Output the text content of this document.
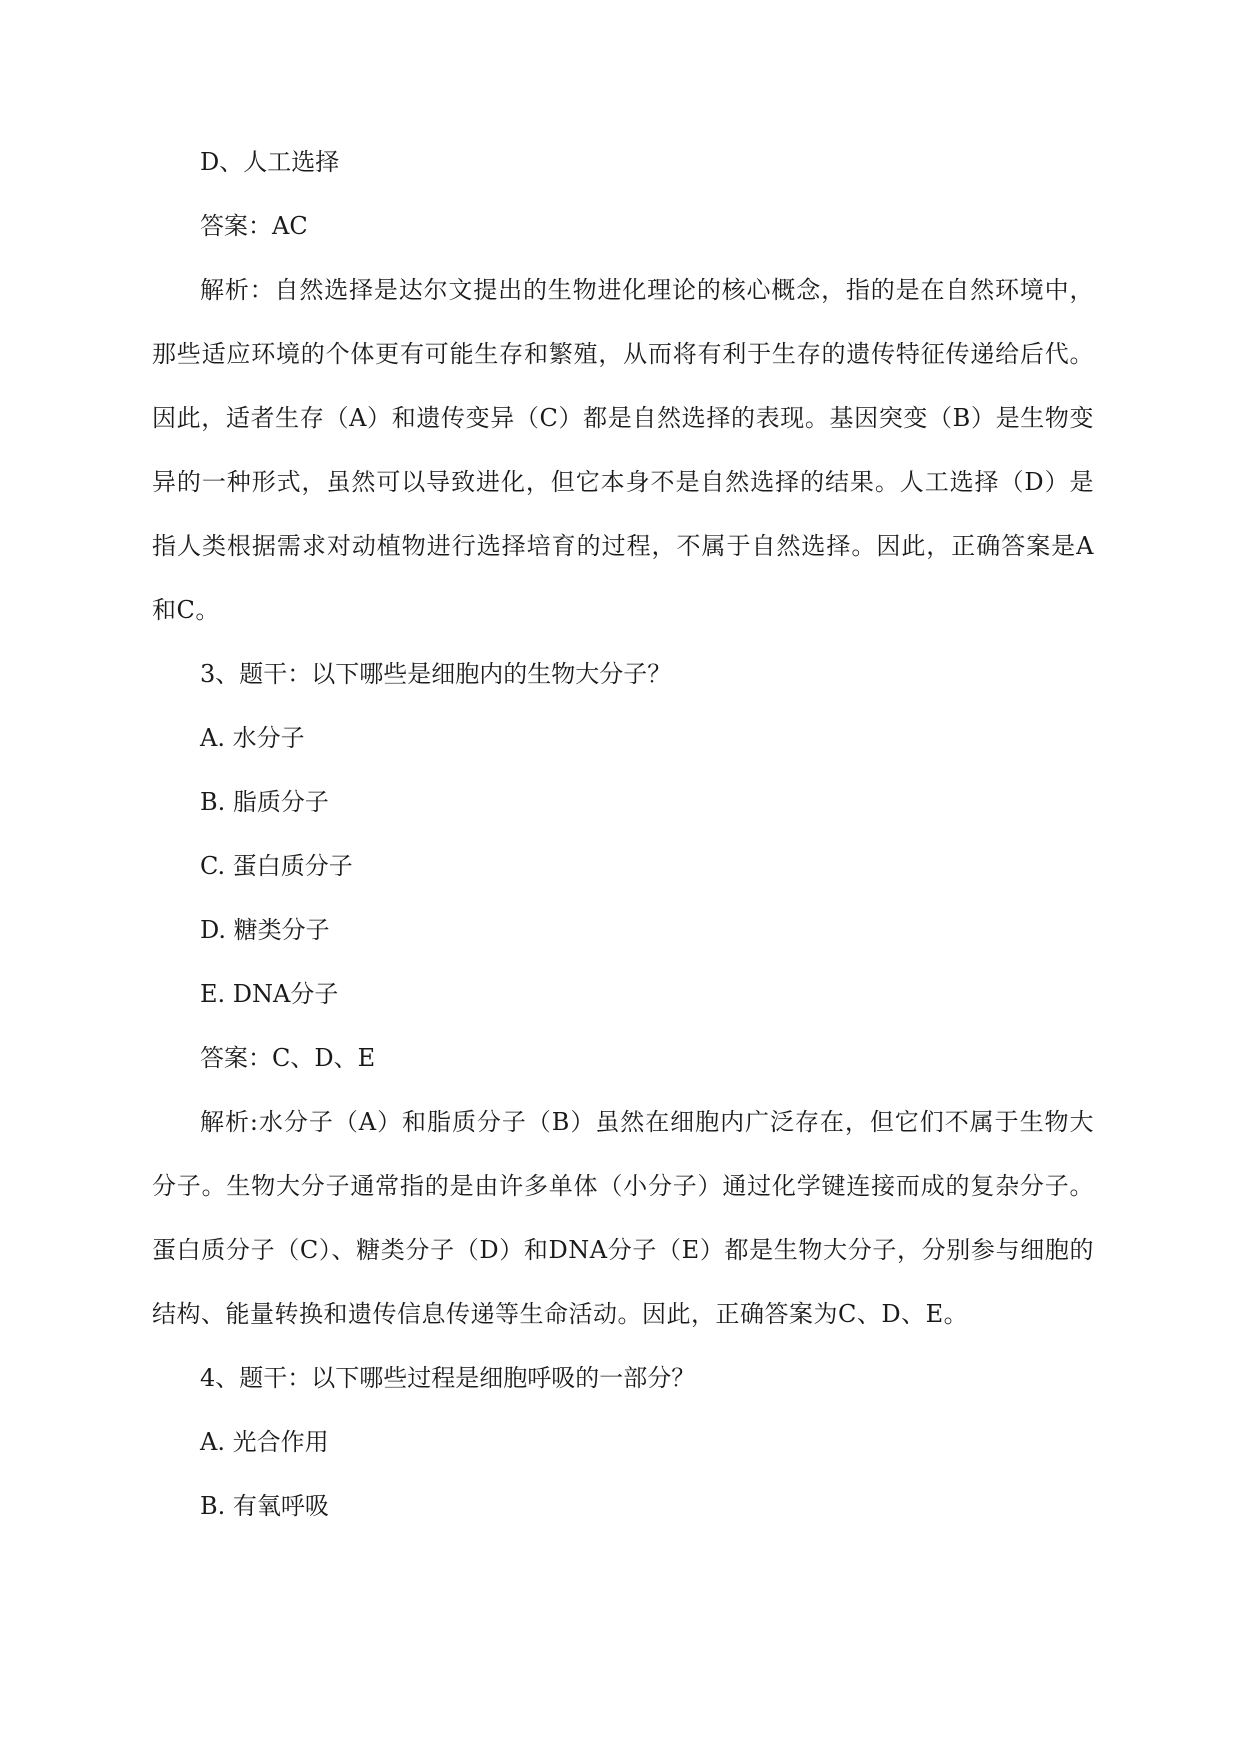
D、人工选择
答案：AC
解析：自然选择是达尔文提出的生物进化理论的核心概念，指的是在自然环境中，那些适应环境的个体更有可能生存和繁殖，从而将有利于生存的遗传特征传递给后代。因此，适者生存（A）和遗传变异（C）都是自然选择的表现。基因突变（B）是生物变异的一种形式，虽然可以导致进化，但它本身不是自然选择的结果。人工选择（D）是指人类根据需求对动植物进行选择培育的过程，不属于自然选择。因此，正确答案是A和C。
3、题干：以下哪些是细胞内的生物大分子？
A. 水分子
B. 脂质分子
C. 蛋白质分子
D. 糖类分子
E. DNA分子
答案：C、D、E
解析:水分子（A）和脂质分子（B）虽然在细胞内广泛存在，但它们不属于生物大分子。生物大分子通常指的是由许多单体（小分子）通过化学键连接而成的复杂分子。蛋白质分子（C）、糖类分子（D）和DNA分子（E）都是生物大分子，分别参与细胞的结构、能量转换和遗传信息传递等生命活动。因此，正确答案为C、D、E。
4、题干：以下哪些过程是细胞呼吸的一部分？
A. 光合作用
B. 有氧呼吸
